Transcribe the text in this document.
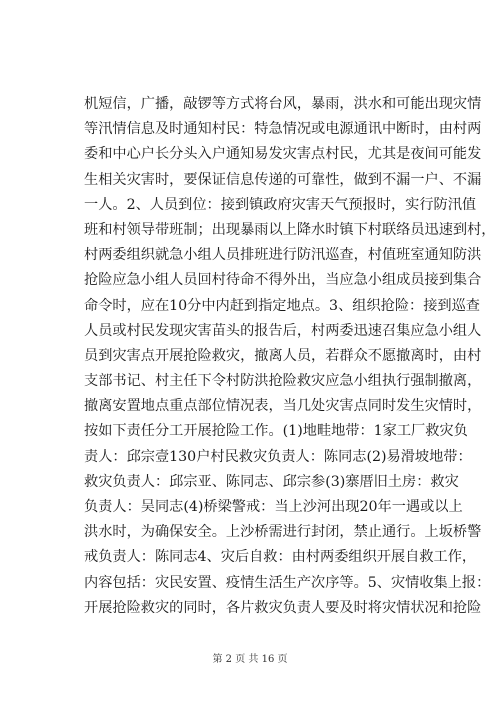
机短信，广播，敲锣等方式将台风，暴雨，洪水和可能出现灾情
等汛情信息及时通知村民：特急情况或电源通讯中断时，由村两
委和中心户长分头入户通知易发灾害点村民，尤其是夜间可能发
生相关灾害时，要保证信息传递的可靠性，做到不漏一户、不漏
一人。2、人员到位：接到镇政府灾害天气预报时，实行防汛值
班和村领导带班制；出现暴雨以上降水时镇下村联络员迅速到村，
村两委组织就急小组人员排班进行防汛巡查，村值班室通知防洪
抢险应急小组人员回村待命不得外出，当应急小组成员接到集合
命令时，应在10分中内赶到指定地点。3、组织抢险：接到巡查
人员或村民发现灾害苗头的报告后，村两委迅速召集应急小组人
员到灾害点开展抢险救灾，撤离人员，若群众不愿撤离时，由村
支部书记、村主任下令村防洪抢险救灾应急小组执行强制撤离，
撤离安置地点重点部位情况表，当几处灾害点同时发生灾情时，
按如下责任分工开展抢险工作。(1)地畦地带：1家工厂救灾负
责人：邱宗壹130户村民救灾负责人：陈同志(2)易滑坡地带：
救灾负责人：邱宗亚、陈同志、邱宗参(3)寨厝旧土房：救灾
负责人：吴同志(4)桥梁警戒：当上沙河出现20年一遇或以上
洪水时，为确保安全。上沙桥需进行封闭，禁止通行。上坂桥警
戒负责人：陈同志4、灾后自救：由村两委组织开展自救工作，
内容包括：灾民安置、疫情生活生产次序等。5、灾情收集上报：
开展抢险救灾的同时，各片救灾负责人要及时将灾情状况和抢险
第 2 页 共 16 页
